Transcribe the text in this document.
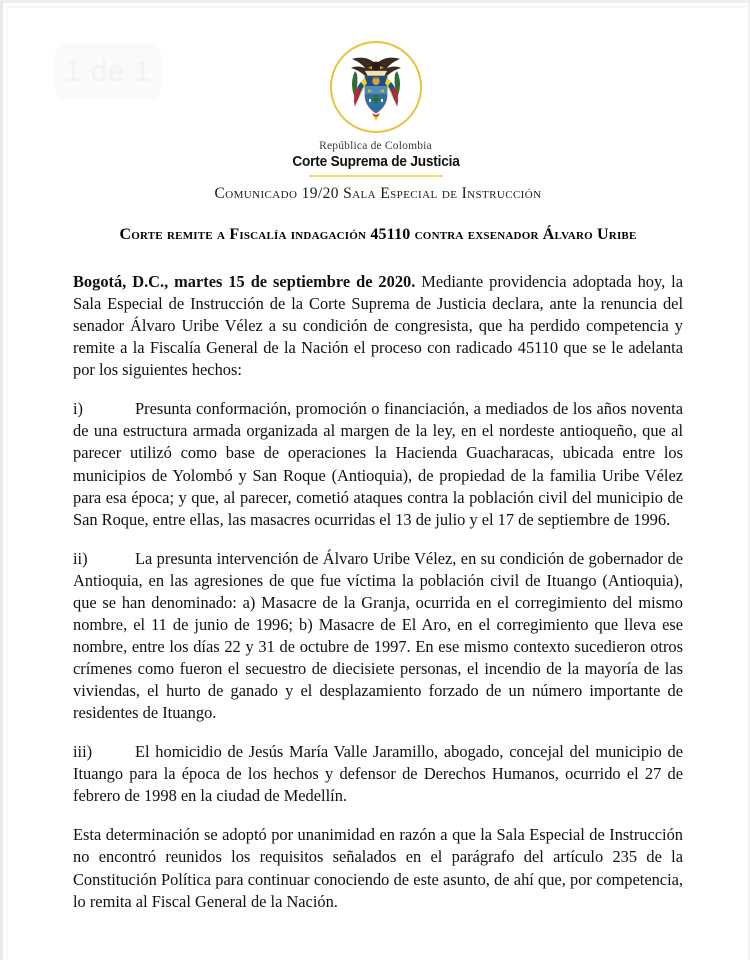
1 de 1
República de Colombia
Corte Suprema de Justicia
Comunicado 19/20 Sala Especial de Instrucción
Corte remite a Fiscalía indagación 45110 contra exsenador Álvaro Uribe

Bogotá, D.C., martes 15 de septiembre de 2020. Mediante providencia adoptada hoy, la Sala Especial de Instrucción de la Corte Suprema de Justicia declara, ante la renuncia del senador Álvaro Uribe Vélez a su condición de congresista, que ha perdido competencia y remite a la Fiscalía General de la Nación el proceso con radicado 45110 que se le adelanta por los siguientes hechos:

i)	Presunta conformación, promoción o financiación, a mediados de los años noventa de una estructura armada organizada al margen de la ley, en el nordeste antioqueño, que al parecer utilizó como base de operaciones la Hacienda Guacharacas, ubicada entre los municipios de Yolombó y San Roque (Antioquia), de propiedad de la familia Uribe Vélez para esa época; y que, al parecer, cometió ataques contra la población civil del municipio de San Roque, entre ellas, las masacres ocurridas el 13 de julio y el 17 de septiembre de 1996.

ii)	La presunta intervención de Álvaro Uribe Vélez, en su condición de gobernador de Antioquia, en las agresiones de que fue víctima la población civil de Ituango (Antioquia), que se han denominado: a) Masacre de la Granja, ocurrida en el corregimiento del mismo nombre, el 11 de junio de 1996; b) Masacre de El Aro, en el corregimiento que lleva ese nombre, entre los días 22 y 31 de octubre de 1997. En ese mismo contexto sucedieron otros crímenes como fueron el secuestro de diecisiete personas, el incendio de la mayoría de las viviendas, el hurto de ganado y el desplazamiento forzado de un número importante de residentes de Ituango.

iii)	El homicidio de Jesús María Valle Jaramillo, abogado, concejal del municipio de Ituango para la época de los hechos y defensor de Derechos Humanos, ocurrido el 27 de febrero de 1998 en la ciudad de Medellín.

Esta determinación se adoptó por unanimidad en razón a que la Sala Especial de Instrucción no encontró reunidos los requisitos señalados en el parágrafo del artículo 235 de la Constitución Política para continuar conociendo de este asunto, de ahí que, por competencia, lo remita al Fiscal General de la Nación.
